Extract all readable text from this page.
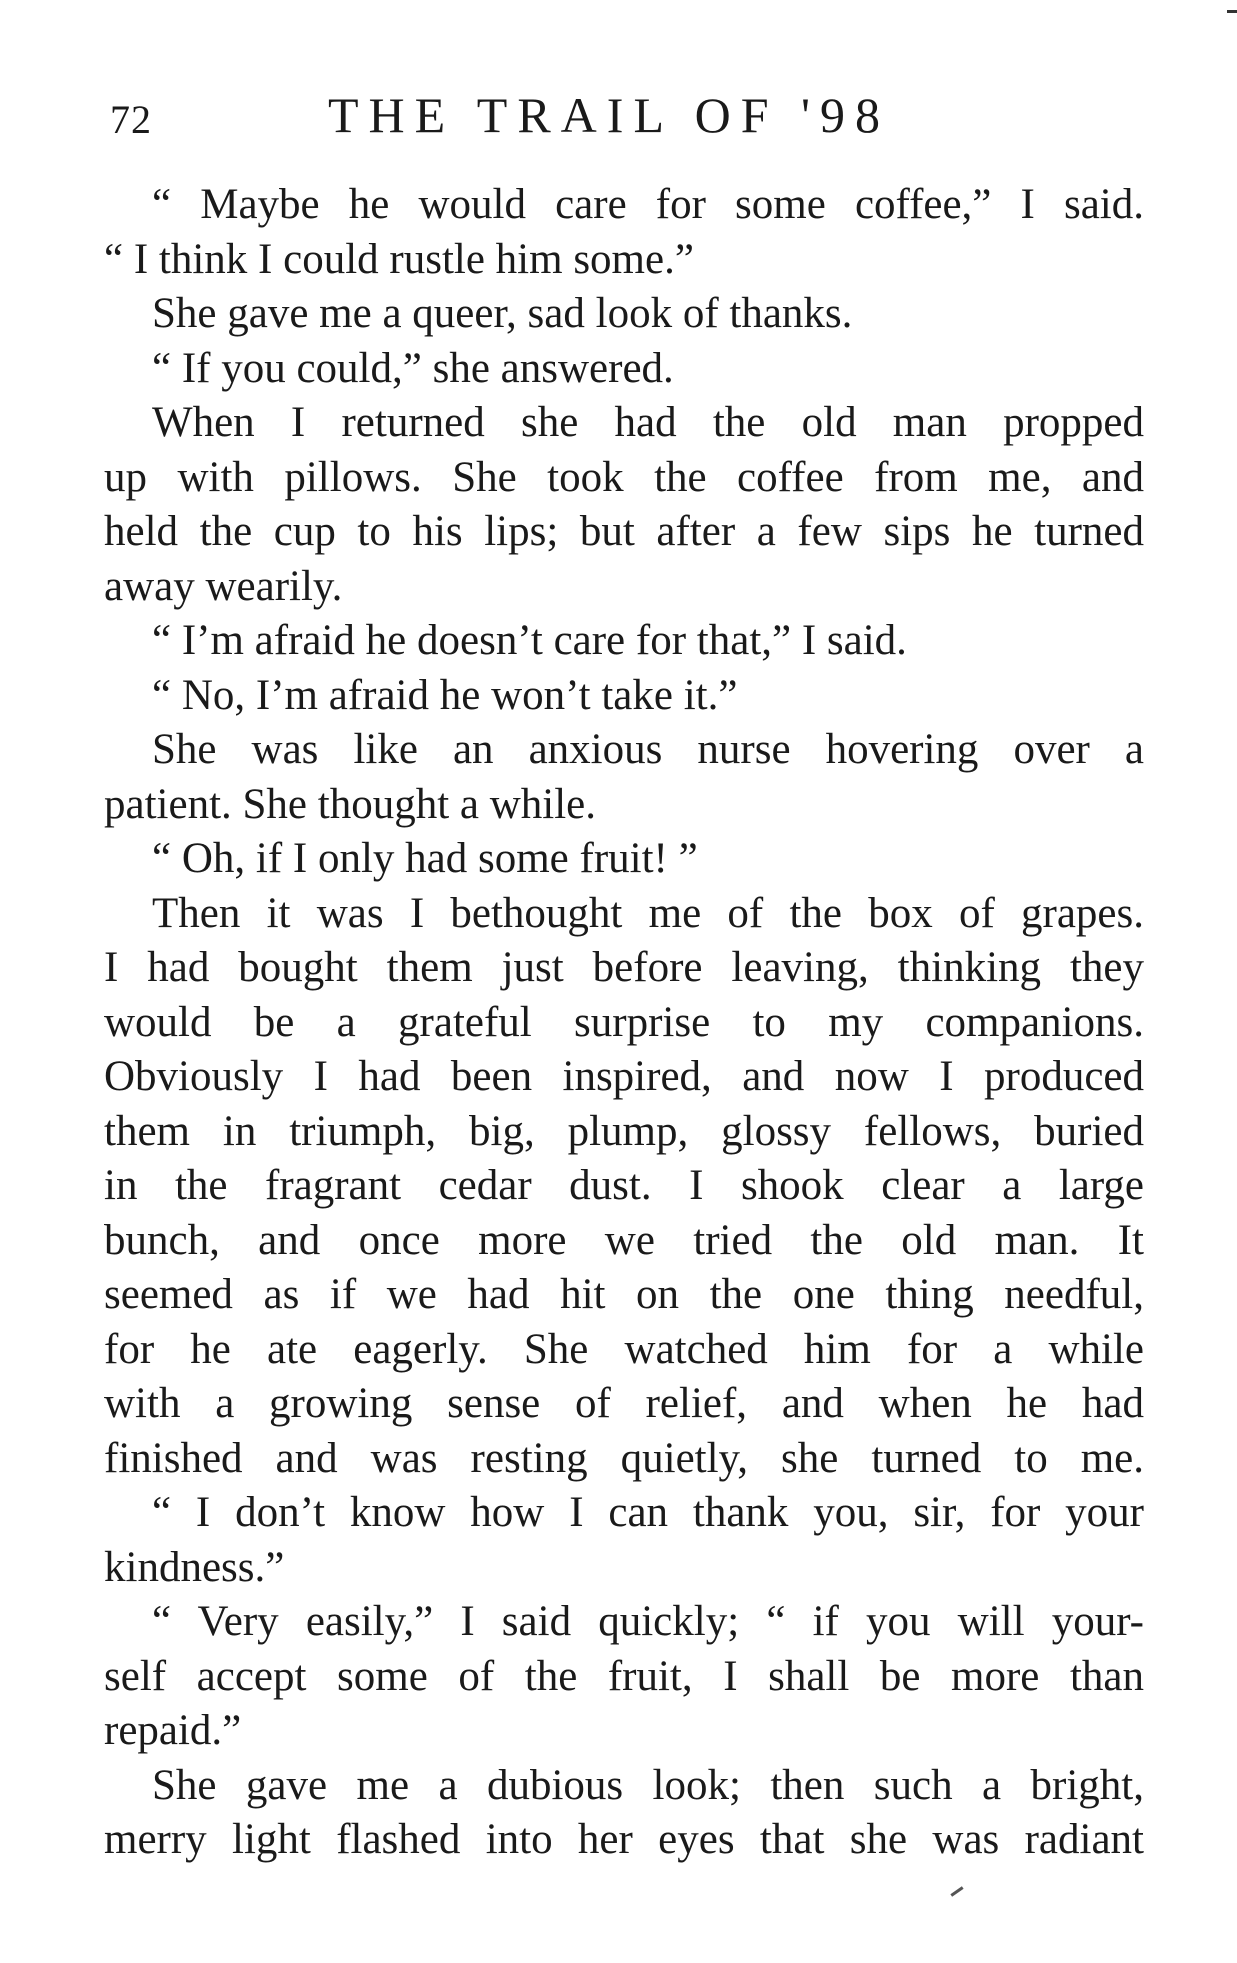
72	THE TRAIL OF '98
“ Maybe he would care for some coffee,” I said.
“ I think I could rustle him some.”
She gave me a queer, sad look of thanks.
“ If you could,” she answered.
When I returned she had the old man propped
up with pillows. She took the coffee from me, and
held the cup to his lips; but after a few sips he turned
away wearily.
“ I’m afraid he doesn’t care for that,” I said.
“ No, I’m afraid he won’t take it.”
She was like an anxious nurse hovering over a
patient. She thought a while.
“ Oh, if I only had some fruit! ”
Then it was I bethought me of the box of grapes.
I had bought them just before leaving, thinking they
would be a grateful surprise to my companions.
Obviously I had been inspired, and now I produced
them in triumph, big, plump, glossy fellows, buried
in the fragrant cedar dust. I shook clear a large
bunch, and once more we tried the old man. It
seemed as if we had hit on the one thing needful,
for he ate eagerly. She watched him for a while
with a growing sense of relief, and when he had
finished and was resting quietly, she turned to me.
“ I don’t know how I can thank you, sir, for your
kindness.”
“ Very easily,” I said quickly; “ if you will your-
self accept some of the fruit, I shall be more than
repaid.”
She gave me a dubious look; then such a bright,
merry light flashed into her eyes that she was radiant
